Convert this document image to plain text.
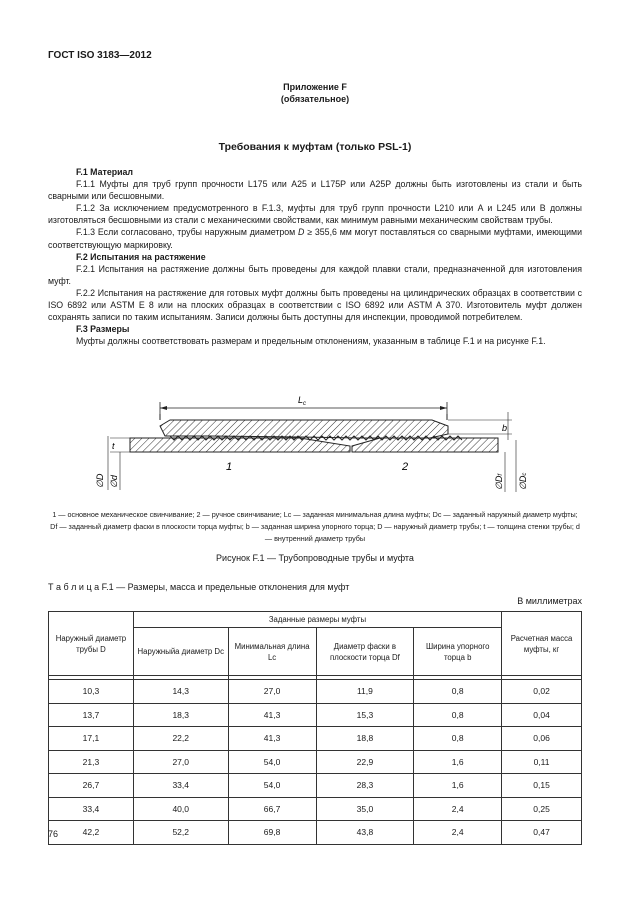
ГОСТ ISO 3183—2012
Приложение F
(обязательное)
Требования к муфтам (только PSL-1)

F.1 Материал

F.1.1 Муфты для труб групп прочности L175 или A25 и L175P или A25P должны быть изготовлены из стали и быть сварными или бесшовными.

F.1.2 За исключением предусмотренного в F.1.3, муфты для труб групп прочности L210 или A и L245 или B должны изготовляться бесшовными из стали с механическими свойствами, как минимум равными механическим свойствам трубы.

F.1.3 Если согласовано, трубы наружным диаметром D ≥ 355,6 мм могут поставляться со сварными муфтами, имеющими соответствующую маркировку.

F.2 Испытания на растяжение

F.2.1 Испытания на растяжение должны быть проведены для каждой плавки стали, предназначенной для изготовления муфт.

F.2.2 Испытания на растяжение для готовых муфт должны быть проведены на цилиндрических образцах в соответствии с ISO 6892 или ASTM E 8 или на плоских образцах в соответствии с ISO 6892 или ASTM A 370. Изготовитель муфт должен сохранять записи по таким испытаниям. Записи должны быть доступны для инспекции, проводимой потребителем.

F.3 Размеры

Муфты должны соответствовать размерам и предельным отклонениям, указанным в таблице F.1 и на рисунке F.1.

$L_c$
b
t
∅D ∅d	∅Df
∅Dc
1	2
1 — основное механическое свинчивание; 2 — ручное свинчивание; Lc — заданная минимальная длина муфты; Dc — заданный наружный диаметр муфты; Df — заданный диаметр фаски в плоскости торца муфты; b — заданная ширина упорного торца; D — наружный диаметр трубы; t — толщина стенки трубы; d — внутренний диаметр трубы
Рисунок F.1 — Трубопроводные трубы и муфта
Т а б л и ц а F.1 — Размеры, масса и предельные отклонения для муфт
В миллиметрах
Наружный диаметр трубы D	Заданные размеры муфты				Расчетная масса муфты, кг
	Наружныйa диаметр Dc	Минимальная длина Lc	Диаметр фаски в плоскости торца Df	Ширина упорного торца b	

10,3	14,3	27,0	11,9	0,8	0,02
13,7	18,3	41,3	15,3	0,8	0,04
17,1	22,2	41,3	18,8	0,8	0,06
21,3	27,0	54,0	22,9	1,6	0,11
26,7	33,4	54,0	28,3	1,6	0,15
33,4	40,0	66,7	35,0	2,4	0,25
42,2	52,2	69,8	43,8	2,4	0,47
76
